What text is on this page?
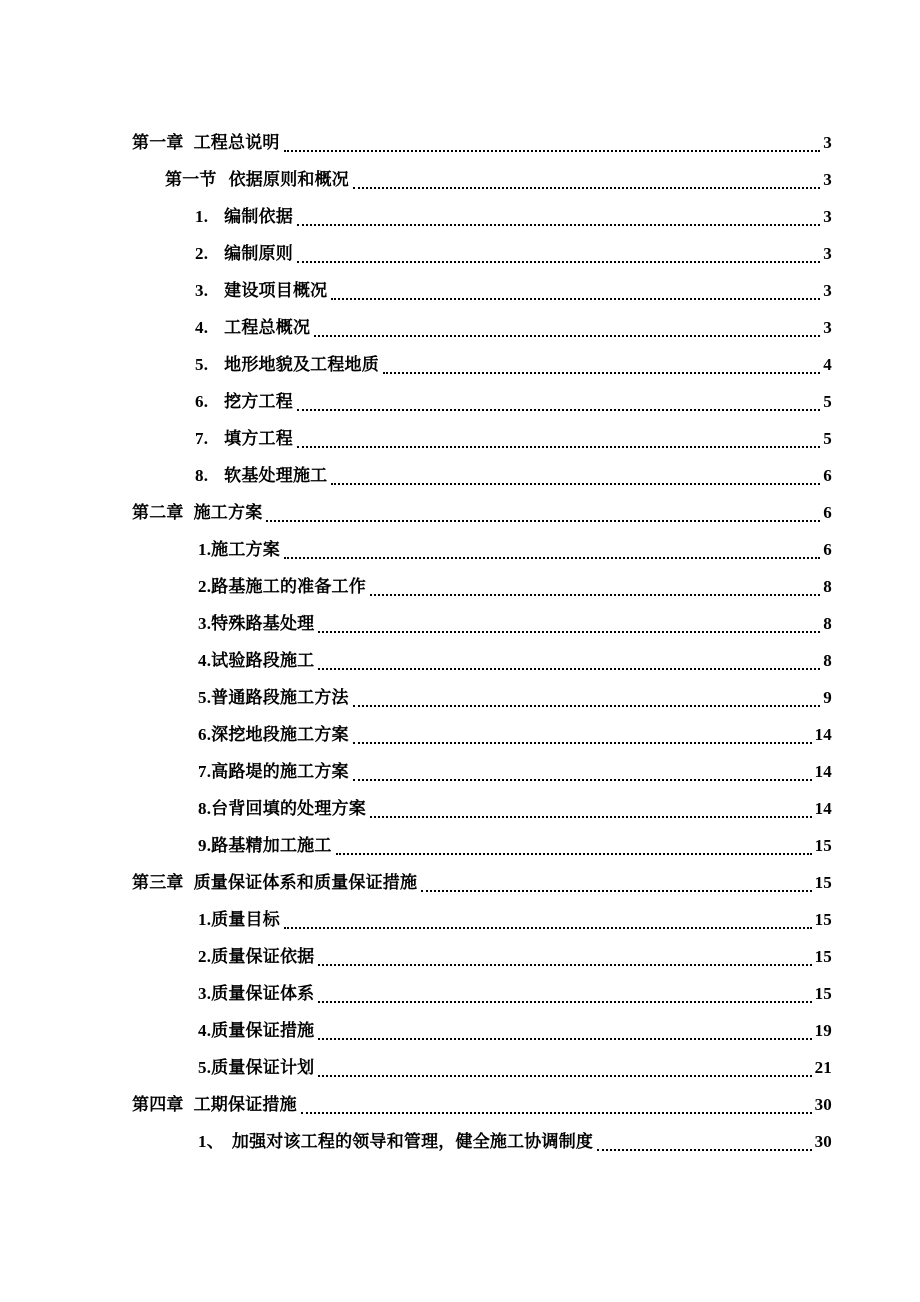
第一章 工程总说明	3
第一节 依据原则和概况	3
1. 编制依据	3
2. 编制原则	3
3. 建设项目概况	3
4. 工程总概况	3
5. 地形地貌及工程地质	4
6. 挖方工程	5
7. 填方工程	5
8. 软基处理施工	6
第二章 施工方案	6
1. 施工方案	6
2. 路基施工的准备工作	8
3. 特殊路基处理	8
4. 试验路段施工	8
5. 普通路段施工方法	9
6. 深挖地段施工方案	14
7. 高路堤的施工方案	14
8. 台背回填的处理方案	14
9. 路基精加工施工	15
第三章 质量保证体系和质量保证措施	15
1. 质量目标	15
2. 质量保证依据	15
3. 质量保证体系	15
4. 质量保证措施	19
5. 质量保证计划	21
第四章 工期保证措施	30
1、 加强对该工程的领导和管理，健全施工协调制度	30
